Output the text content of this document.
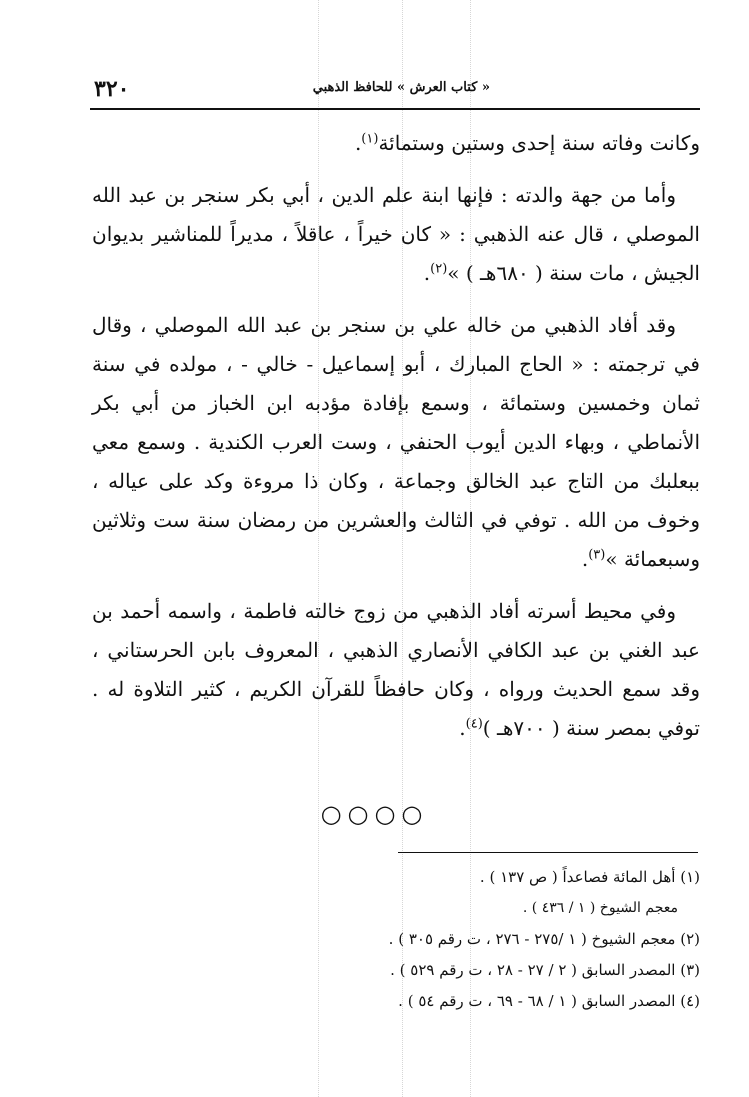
« كتاب العرش » للحافظ الذهبي
٣٢٠

وكانت وفاته سنة إحدى وستين وستمائة$^{(١)}$.

وأما من جهة والدته : فإنها ابنة علم الدين ، أبي بكر سنجر بن عبد الله الموصلي ، قال عنه الذهبي : « كان خيراً ، عاقلاً ، مديراً للمناشير بديوان الجيش ، مات سنة ( ٦٨٠هـ ) »$^{(٢)}$.

وقد أفاد الذهبي من خاله علي بن سنجر بن عبد الله الموصلي ، وقال في ترجمته : « الحاج المبارك ، أبو إسماعيل - خالي - ، مولده في سنة ثمان وخمسين وستمائة ، وسمع بإفادة مؤدبه ابن الخباز من أبي بكر الأنماطي ، وبهاء الدين أيوب الحنفي ، وست العرب الكندية . وسمع معي ببعلبك من التاج عبد الخالق وجماعة ، وكان ذا مروءة وكد على عياله ، وخوف من الله . توفي في الثالث والعشرين من رمضان سنة ست وثلاثين وسبعمائة »$^{(٣)}$.

وفي محيط أسرته أفاد الذهبي من زوج خالته فاطمة ، واسمه أحمد بن عبد الغني بن عبد الكافي الأنصاري الذهبي ، المعروف بابن الحرستاني ، وقد سمع الحديث ورواه ، وكان حافظاً للقرآن الكريم ، كثير التلاوة له . توفي بمصر سنة ( ٧٠٠هـ )$^{(٤)}$.

○○○○
(١) أهل المائة فصاعداً ( ص ١٣٧ ) .
معجم الشيوخ ( ١ / ٤٣٦ ) .
(٢) معجم الشيوخ ( ١ /٢٧٥ - ٢٧٦ ، ت رقم ٣٠٥ ) .
(٣) المصدر السابق ( ٢ / ٢٧ - ٢٨ ، ت رقم ٥٢٩ ) .
(٤) المصدر السابق ( ١ / ٦٨ - ٦٩ ، ت رقم ٥٤ ) .
